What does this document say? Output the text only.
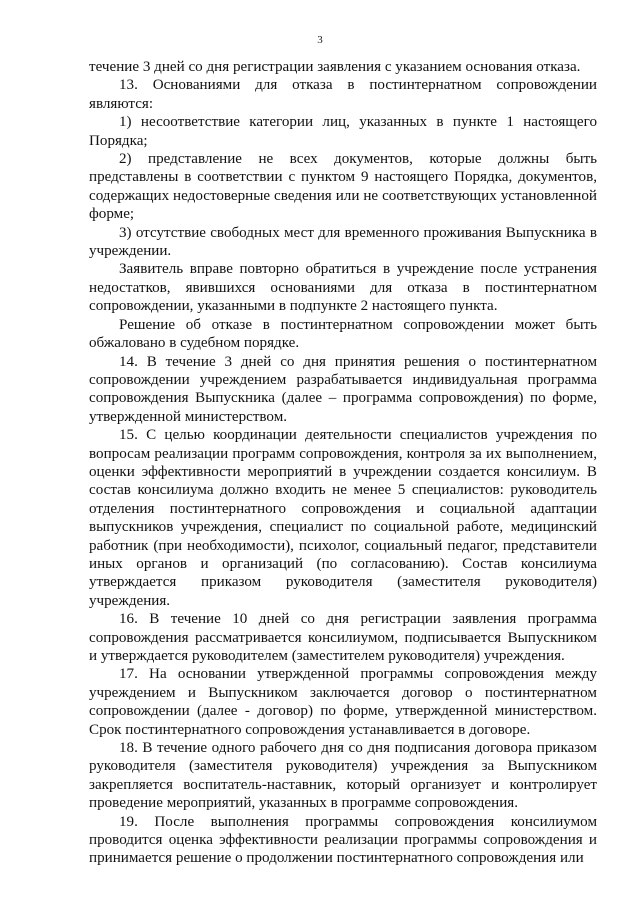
3

течение 3 дней со дня регистрации заявления с указанием основания отказа.

13. Основаниями для отказа в постинтернатном сопровождении являются:

1) несоответствие категории лиц, указанных в пункте 1 настоящего Порядка;

2) представление не всех документов, которые должны быть представлены в соответствии с пунктом 9 настоящего Порядка, документов, содержащих недостоверные сведения или не соответствующих установленной форме;

3) отсутствие свободных мест для временного проживания Выпускника в учреждении.

Заявитель вправе повторно обратиться в учреждение после устранения недостатков, явившихся основаниями для отказа в постинтернатном сопровождении, указанными в подпункте 2 настоящего пункта.

Решение об отказе в постинтернатном сопровождении может быть обжаловано в судебном порядке.

14. В течение 3 дней со дня принятия решения о постинтернатном сопровождении учреждением разрабатывается индивидуальная программа сопровождения Выпускника (далее – программа сопровождения) по форме, утвержденной министерством.

15. С целью координации деятельности специалистов учреждения по вопросам реализации программ сопровождения, контроля за их выполнением, оценки эффективности мероприятий в учреждении создается консилиум. В состав консилиума должно входить не менее 5 специалистов: руководитель отделения постинтернатного сопровождения и социальной адаптации выпускников учреждения, специалист по социальной работе, медицинский работник (при необходимости), психолог, социальный педагог, представители иных органов и организаций (по согласованию). Состав консилиума утверждается приказом руководителя (заместителя руководителя) учреждения.

16. В течение 10 дней со дня регистрации заявления программа сопровождения рассматривается консилиумом, подписывается Выпускником и утверждается руководителем (заместителем руководителя) учреждения.

17. На основании утвержденной программы сопровождения между учреждением и Выпускником заключается договор о постинтернатном сопровождении (далее - договор) по форме, утвержденной министерством. Срок постинтернатного сопровождения устанавливается в договоре.

18. В течение одного рабочего дня со дня подписания договора приказом руководителя (заместителя руководителя) учреждения за Выпускником закрепляется воспитатель-наставник, который организует и контролирует проведение мероприятий, указанных в программе сопровождения.

19. После выполнения программы сопровождения консилиумом проводится оценка эффективности реализации программы сопровождения и принимается решение о продолжении постинтернатного сопровождения или
